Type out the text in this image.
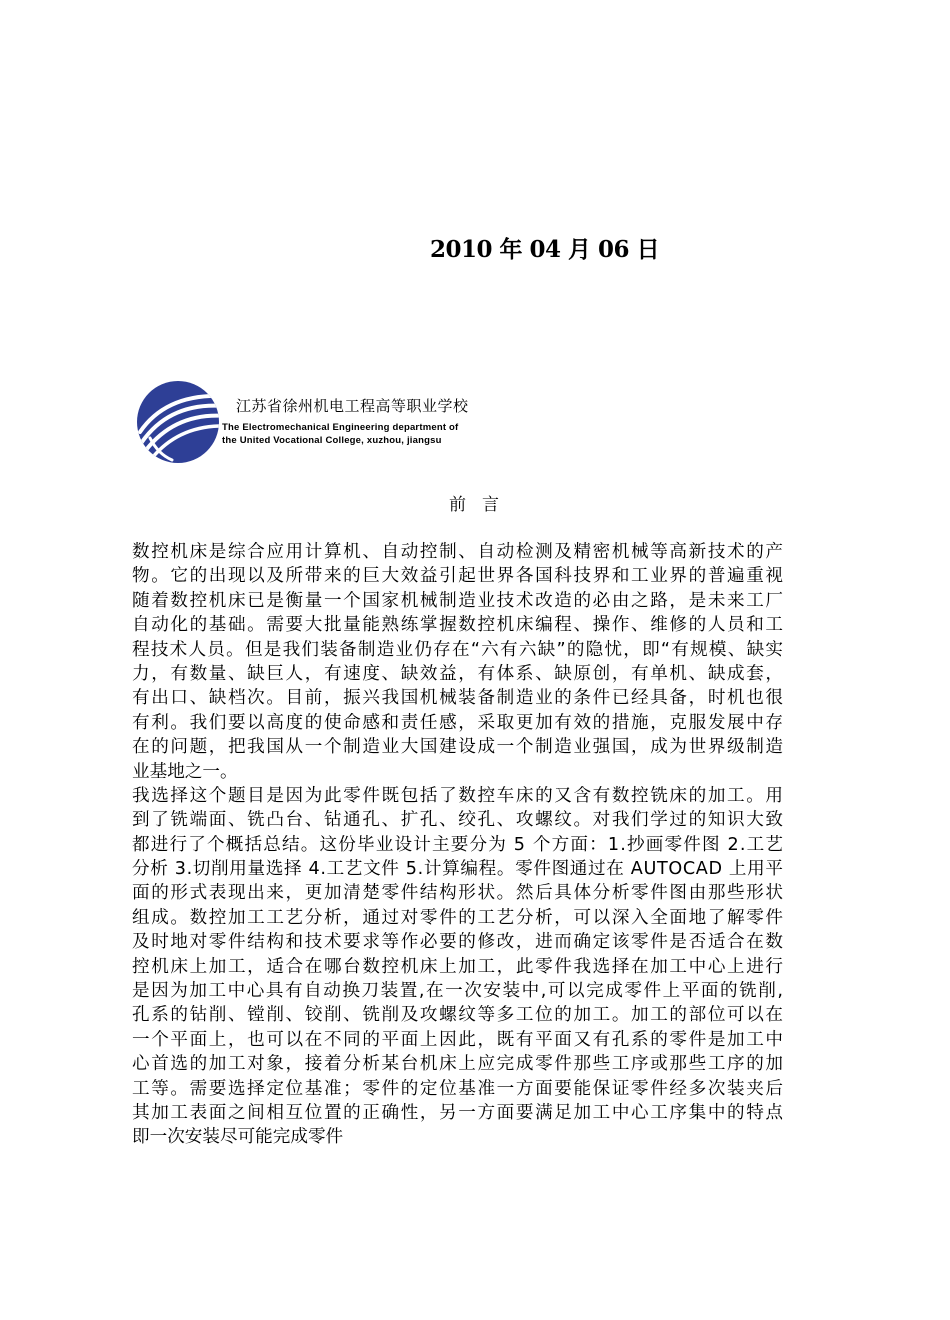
2010 年 04 月 06 日
江苏省徐州机电工程高等职业学校
The Electromechanical Engineering department of
the United Vocational College, xuzhou, jiangsu
前 言
数控机床是综合应用计算机、自动控制、自动检测及精密机械等高新技术的产
物。它的出现以及所带来的巨大效益引起世界各国科技界和工业界的普遍重视
随着数控机床已是衡量一个国家机械制造业技术改造的必由之路，是未来工厂
自动化的基础。需要大批量能熟练掌握数控机床编程、操作、维修的人员和工
程技术人员。但是我们装备制造业仍存在“六有六缺”的隐忧，即“有规模、缺实
力，有数量、缺巨人，有速度、缺效益，有体系、缺原创，有单机、缺成套，
有出口、缺档次。目前，振兴我国机械装备制造业的条件已经具备，时机也很
有利。我们要以高度的使命感和责任感，采取更加有效的措施，克服发展中存
在的问题，把我国从一个制造业大国建设成一个制造业强国，成为世界级制造
业基地之一。
我选择这个题目是因为此零件既包括了数控车床的又含有数控铣床的加工。用
到了铣端面、铣凸台、钻通孔、扩孔、绞孔、攻螺纹。对我们学过的知识大致
都进行了个概括总结。这份毕业设计主要分为 5 个方面：1.抄画零件图 2.工艺
分析 3.切削用量选择 4.工艺文件 5.计算编程。零件图通过在 AUTOCAD 上用平
面的形式表现出来，更加清楚零件结构形状。然后具体分析零件图由那些形状
组成。数控加工工艺分析，通过对零件的工艺分析，可以深入全面地了解零件
及时地对零件结构和技术要求等作必要的修改，进而确定该零件是否适合在数
控机床上加工，适合在哪台数控机床上加工，此零件我选择在加工中心上进行
是因为加工中心具有自动换刀装置,在一次安装中,可以完成零件上平面的铣削,
孔系的钻削、镗削、铰削、铣削及攻螺纹等多工位的加工。加工的部位可以在
一个平面上，也可以在不同的平面上因此，既有平面又有孔系的零件是加工中
心首选的加工对象，接着分析某台机床上应完成零件那些工序或那些工序的加
工等。需要选择定位基准；零件的定位基准一方面要能保证零件经多次装夹后
其加工表面之间相互位置的正确性，另一方面要满足加工中心工序集中的特点
即一次安装尽可能完成零件
